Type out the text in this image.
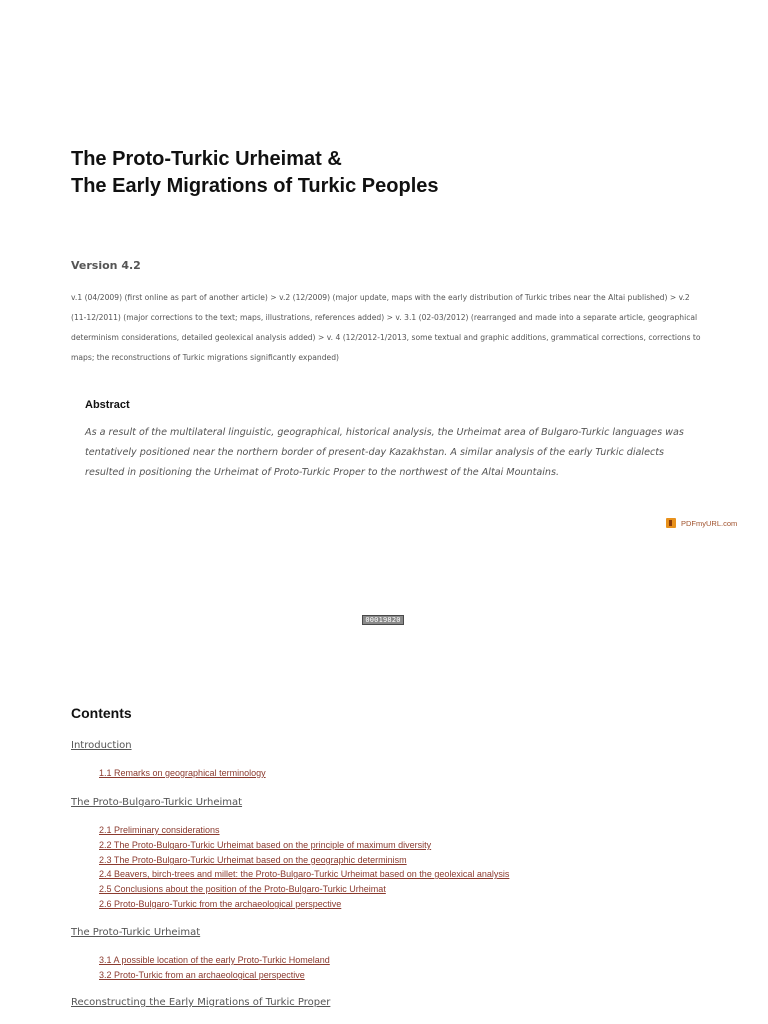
The Proto-Turkic Urheimat &
The Early Migrations of Turkic Peoples
Version 4.2
v.1 (04/2009) (first online as part of another article) > v.2 (12/2009) (major update, maps with the early distribution of Turkic tribes near the Altai published) > v.2 (11-12/2011) (major corrections to the text; maps, illustrations, references added) > v. 3.1 (02-03/2012) (rearranged and made into a separate article, geographical determinism considerations, detailed geolexical analysis added) > v. 4 (12/2012-1/2013, some textual and graphic additions, grammatical corrections, corrections to maps; the reconstructions of Turkic migrations significantly expanded)
Abstract
As a result of the multilateral linguistic, geographical, historical analysis, the Urheimat area of Bulgaro-Turkic languages was tentatively positioned near the northern border of present-day Kazakhstan. A similar analysis of the early Turkic dialects resulted in positioning the Urheimat of Proto-Turkic Proper to the northwest of the Altai Mountains.
PDFmyURL.com
00019820
Contents
Introduction
1.1 Remarks on geographical terminology
The Proto-Bulgaro-Turkic Urheimat
2.1 Preliminary considerations
2.2 The Proto-Bulgaro-Turkic Urheimat based on the principle of maximum diversity
2.3 The Proto-Bulgaro-Turkic Urheimat based on the geographic determinism
2.4 Beavers, birch-trees and millet: the Proto-Bulgaro-Turkic Urheimat based on the geolexical analysis
2.5 Conclusions about the position of the Proto-Bulgaro-Turkic Urheimat
2.6 Proto-Bulgaro-Turkic from the archaeological perspective
The Proto-Turkic Urheimat
3.1 A possible location of the early Proto-Turkic Homeland
3.2 Proto-Turkic from an archaeological perspective
Reconstructing the Early Migrations of Turkic Proper
